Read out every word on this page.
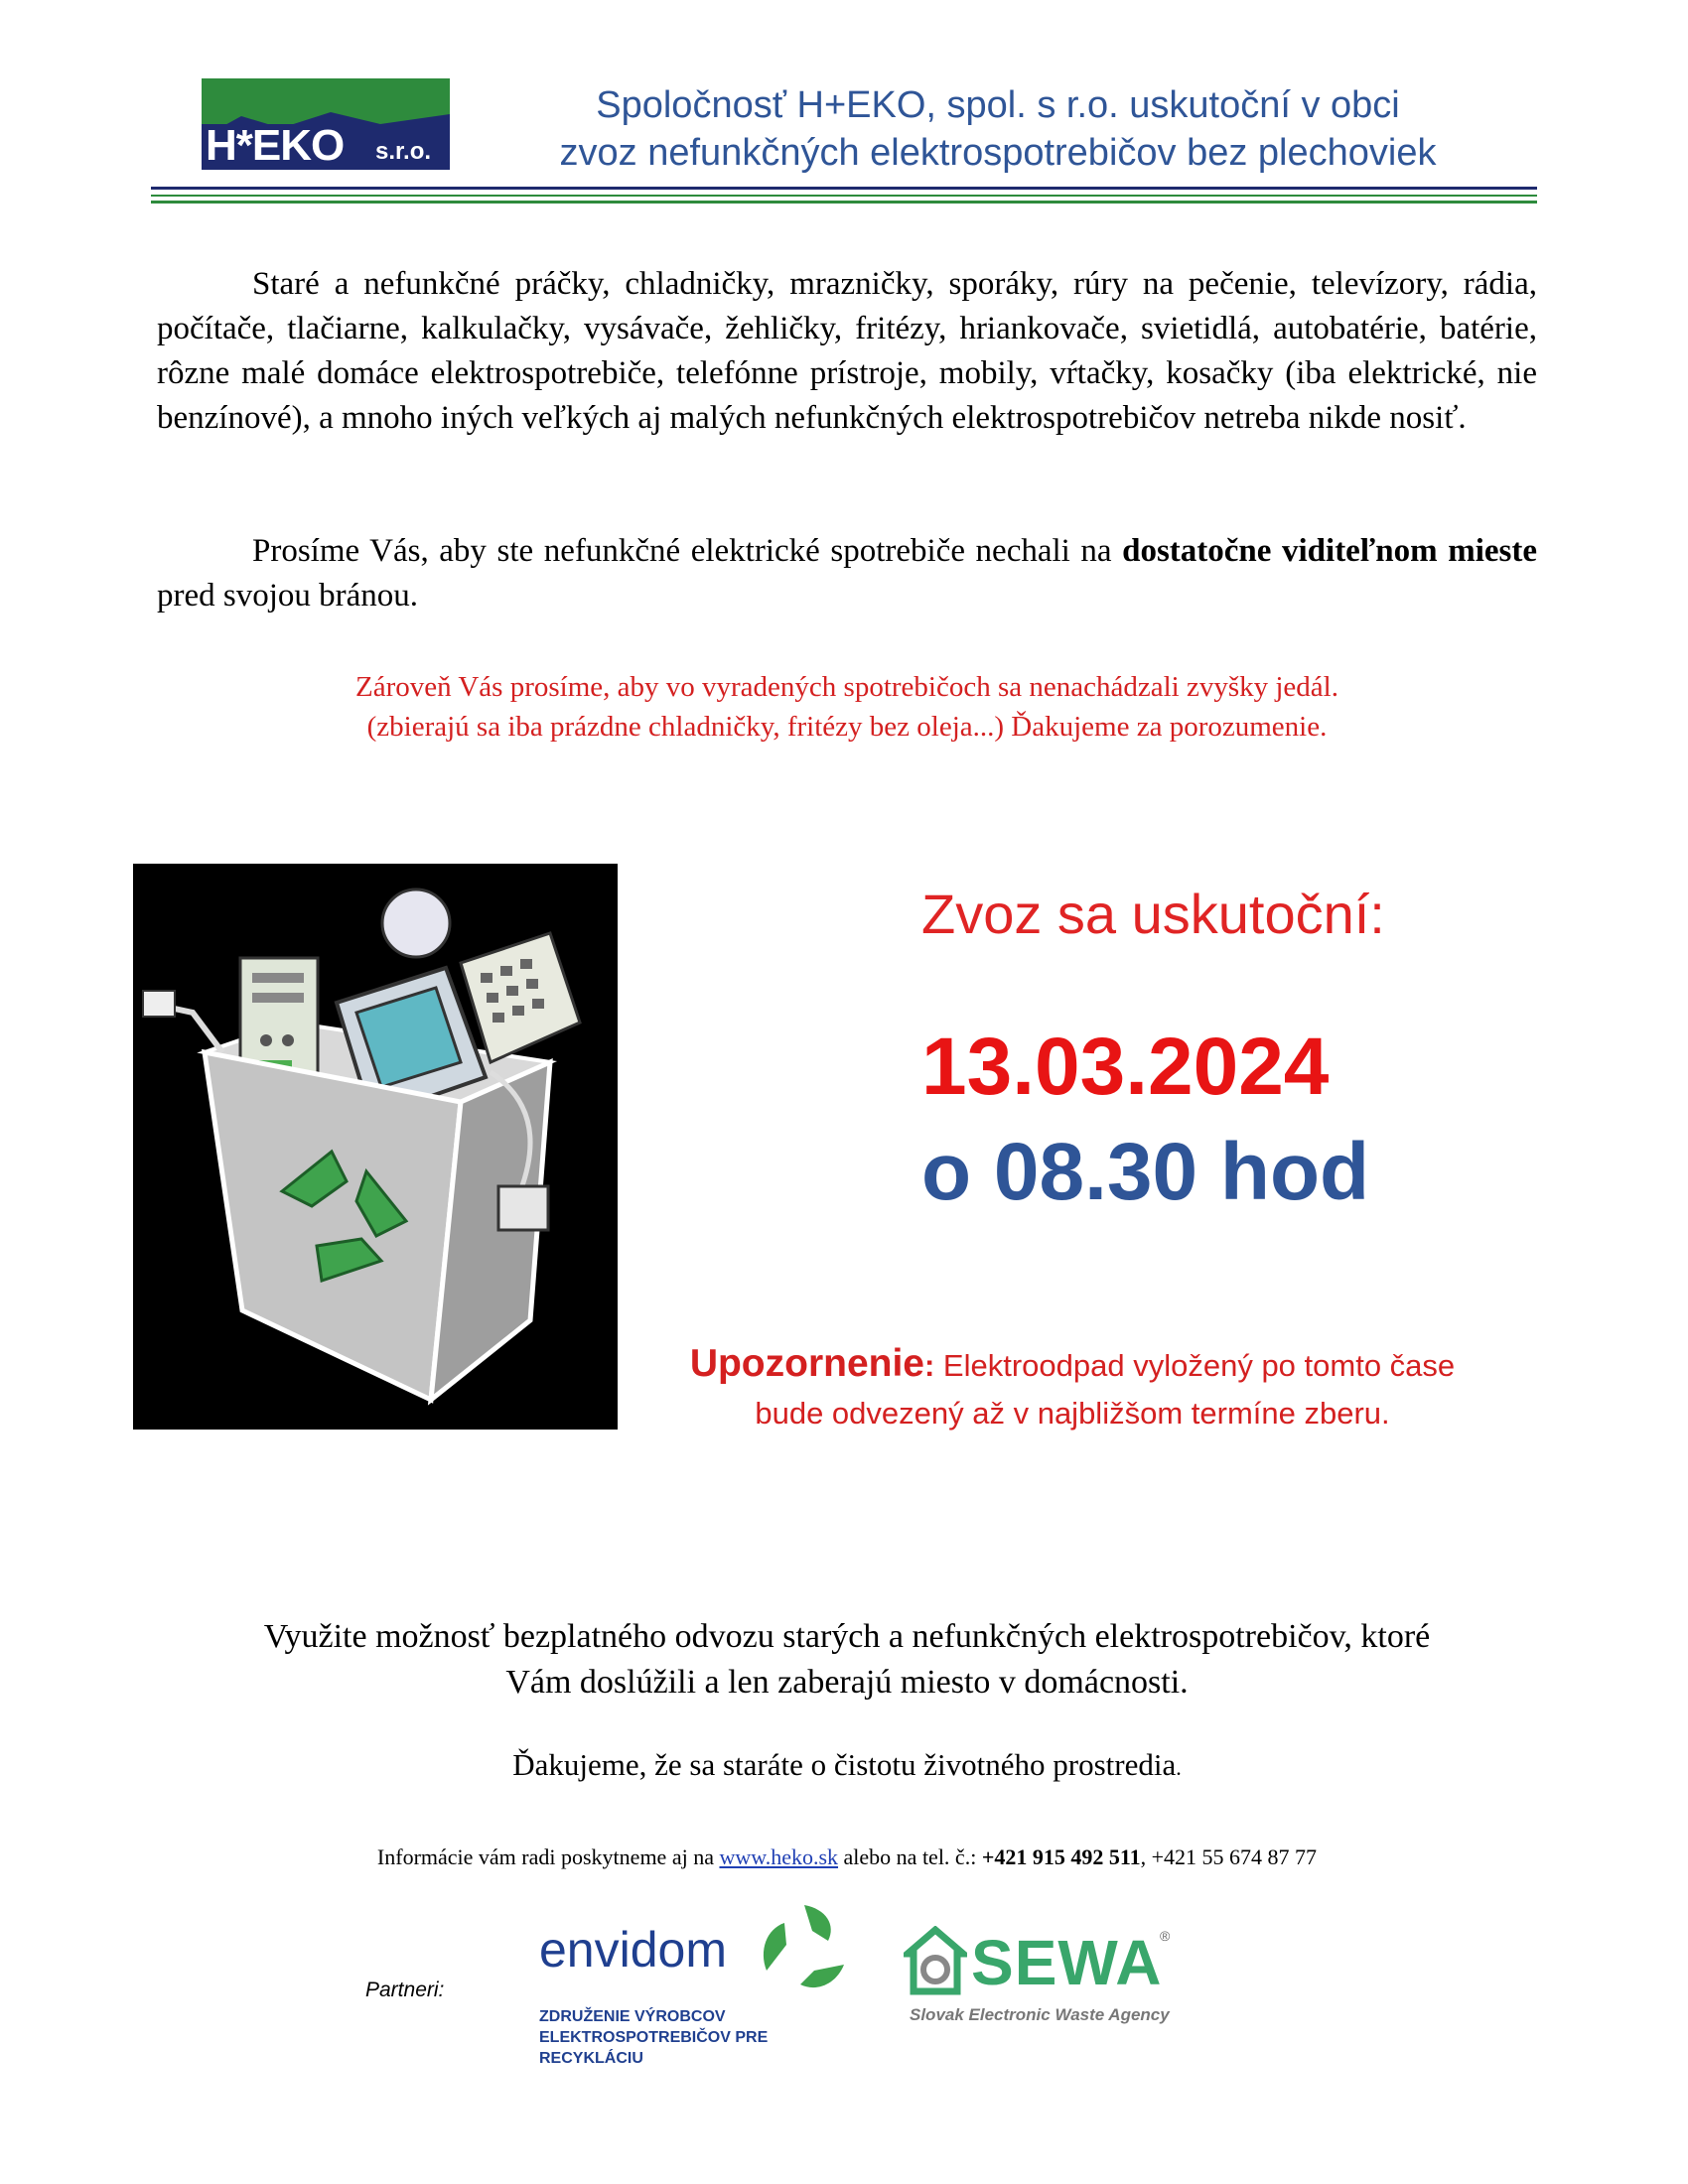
H*EKO s.r.o.
Spoločnosť H+EKO, spol. s r.o. uskutoční v obci
zvoz nefunkčných elektrospotrebičov bez plechoviek
Staré a nefunkčné práčky, chladničky, mrazničky, sporáky, rúry na pečenie, televízory, rádia, počítače, tlačiarne, kalkulačky, vysávače, žehličky, fritézy, hriankovače, svietidlá, autobatérie, batérie, rôzne malé domáce elektrospotrebiče, telefónne prístroje, mobily, vŕtačky, kosačky (iba elektrické, nie benzínové), a mnoho iných veľkých aj malých nefunkčných elektrospotrebičov netreba nikde nosiť.
Prosíme Vás, aby ste nefunkčné elektrické spotrebiče nechali na dostatočne viditeľnom mieste pred svojou bránou.
Zároveň Vás prosíme, aby vo vyradených spotrebičoch sa nenachádzali zvyšky jedál.
(zbierajú sa iba prázdne chladničky, fritézy bez oleja...) Ďakujeme za porozumenie.
Zvoz sa uskutoční:
13.03.2024
o 08.30 hod
Upozornenie: Elektroodpad vyložený po tomto čase
bude odvezený až v najbližšom termíne zberu.
Využite možnosť bezplatného odvozu starých a nefunkčných elektrospotrebičov, ktoré
Vám doslúžili a len zaberajú miesto v domácnosti.
Ďakujeme, že sa staráte o čistotu životného prostredia.
Informácie vám radi poskytneme aj na www.heko.sk alebo na tel. č.: +421 915 492 511, +421 55 674 87 77
Partneri:
envidom
ZDRUŽENIE VÝROBCOV
ELEKTROSPOTREBIČOV PRE RECYKLÁCIU
SEWA
®
Slovak Electronic Waste Agency
